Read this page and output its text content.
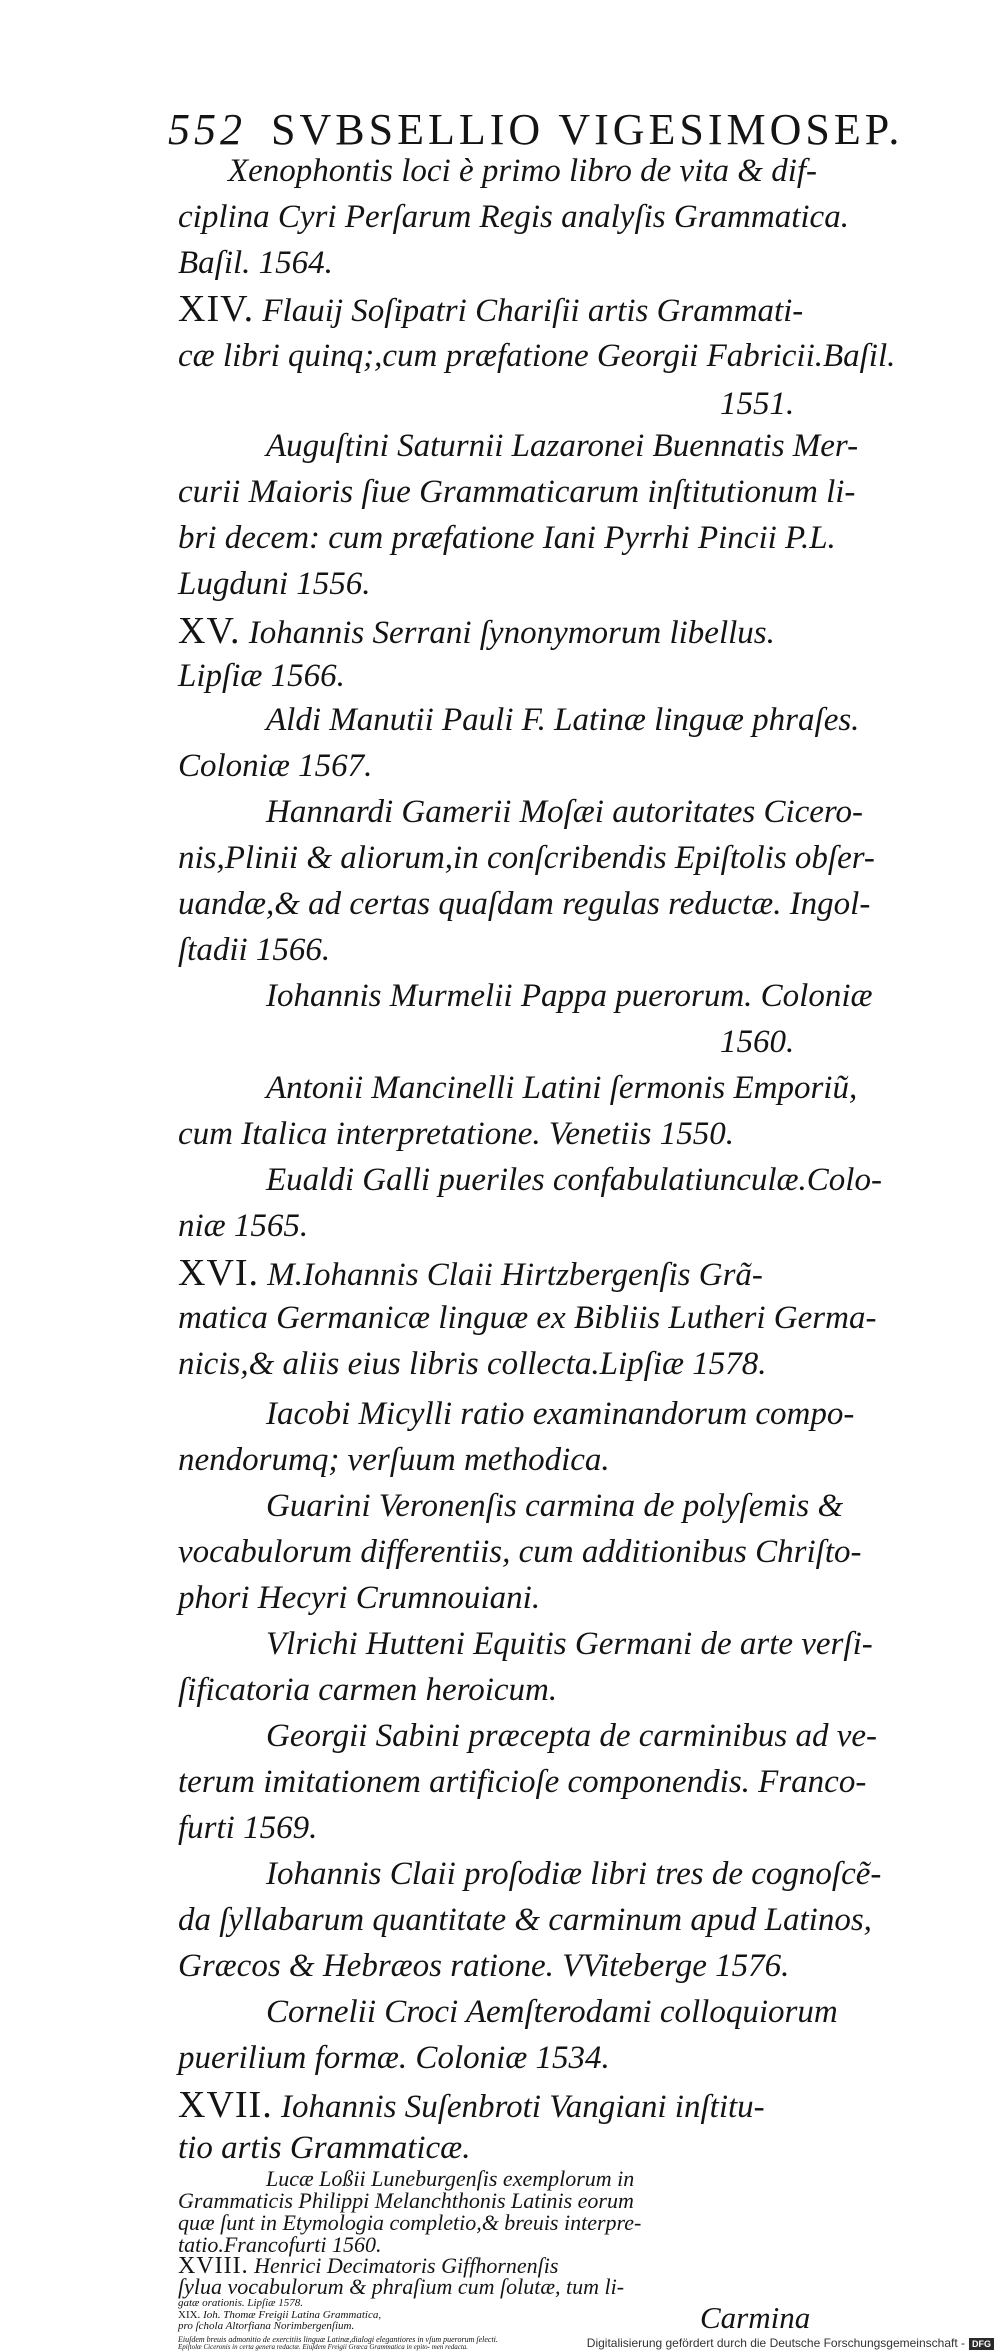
552 SVBSELLIO VIGESIMOSEP.
Xenophontis loci è primo libro de vita & dif-
ciplina Cyri Perſarum Regis analyſis Grammatica.
Baſil. 1564.
XIV. Flauij Soſipatri Chariſii artis Grammati-
cæ libri quinq;,cum præfatione Georgii Fabricii.Baſil.
1551.
Auguſtini Saturnii Lazaronei Buennatis Mer-
curii Maioris ſiue Grammaticarum inſtitutionum li-
bri decem: cum præfatione Iani Pyrrhi Pincii P.L.
Lugduni 1556.
XV. Iohannis Serrani ſynonymorum libellus.
Lipſiæ 1566.
Aldi Manutii Pauli F. Latinæ linguæ phraſes.
Coloniæ 1567.
Hannardi Gamerii Moſæi autoritates Cicero-
nis,Plinii & aliorum,in conſcribendis Epiſtolis obſer-
uandæ,& ad certas quaſdam regulas reductæ. Ingol-
ſtadii 1566.
Iohannis Murmelii Pappa puerorum. Coloniæ
1560.
Antonii Mancinelli Latini ſermonis Emporiũ,
cum Italica interpretatione. Venetiis 1550.
Eualdi Galli pueriles confabulatiunculæ.Colo-
niæ 1565.
XVI. M.Iohannis Claii Hirtzbergenſis Grã-
matica Germanicæ linguæ ex Bibliis Lutheri Germa-
nicis,& aliis eius libris collecta.Lipſiæ 1578.
Iacobi Micylli ratio examinandorum compo-
nendorumq; verſuum methodica.
Guarini Veronenſis carmina de polyſemis &
vocabulorum differentiis, cum additionibus Chriſto-
phori Hecyri Crumnouiani.
Vlrichi Hutteni Equitis Germani de arte verſi-
ſificatoria carmen heroicum.
Georgii Sabini præcepta de carminibus ad ve-
terum imitationem artificioſe componendis. Franco-
furti 1569.
Iohannis Claii proſodiæ libri tres de cognoſcẽ-
da ſyllabarum quantitate & carminum apud Latinos,
Græcos & Hebræos ratione. VViteberge 1576.
Cornelii Croci Aemſterodami colloquiorum
puerilium formæ. Coloniæ 1534.
XVII. Iohannis Suſenbroti Vangiani inſtitu-
tio artis Grammaticæ.
Lucæ Loßii Luneburgenſis exemplorum in
Grammaticis Philippi Melanchthonis Latinis eorum
quæ ſunt in Etymologia completio,& breuis interpre-
tatio.Francofurti 1560.
XVIII. Henrici Decimatoris Giffhornenſis
ſylua vocabulorum & phraſium cum ſolutæ, tum li-
Carmina
Digitalisierung gefördert durch die Deutsche Forschungsgemeinschaft - DFG
gatæ orationis. Lipſiæ 1578.
XIX. Ioh. Thomæ Freigii Latina Grammatica,
pro ſchola Altorfiana Norimbergenſium.
Eiuſdem breuis admonitio de exercitiis linguæ Latinæ,dialogi elegantiores in vſum puerorum ſelecti.
Epiſtolæ Ciceronis in certa genera redactæ. Eiuſdem Freigii Græca Grammatica in epito- men redacta.
